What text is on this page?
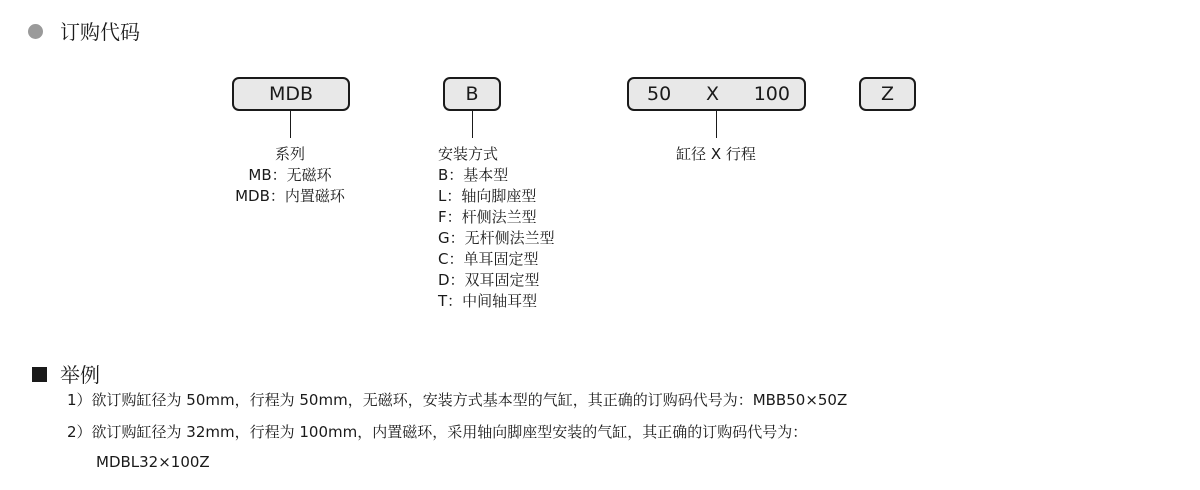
订购代码
MDB	B	50 X 100	Z
系列
MB：无磁环
MDB：内置磁环
安装方式
B：基本型
L：轴向脚座型
F：杆侧法兰型
G：无杆侧法兰型
C：单耳固定型
D：双耳固定型
T：中间轴耳型
缸径 X 行程
举例
1）欲订购缸径为 50mm，行程为 50mm，无磁环，安装方式基本型的气缸，其正确的订购码代号为：MBB50×50Z
2）欲订购缸径为 32mm，行程为 100mm，内置磁环，采用轴向脚座型安装的气缸，其正确的订购码代号为：
MDBL32×100Z
